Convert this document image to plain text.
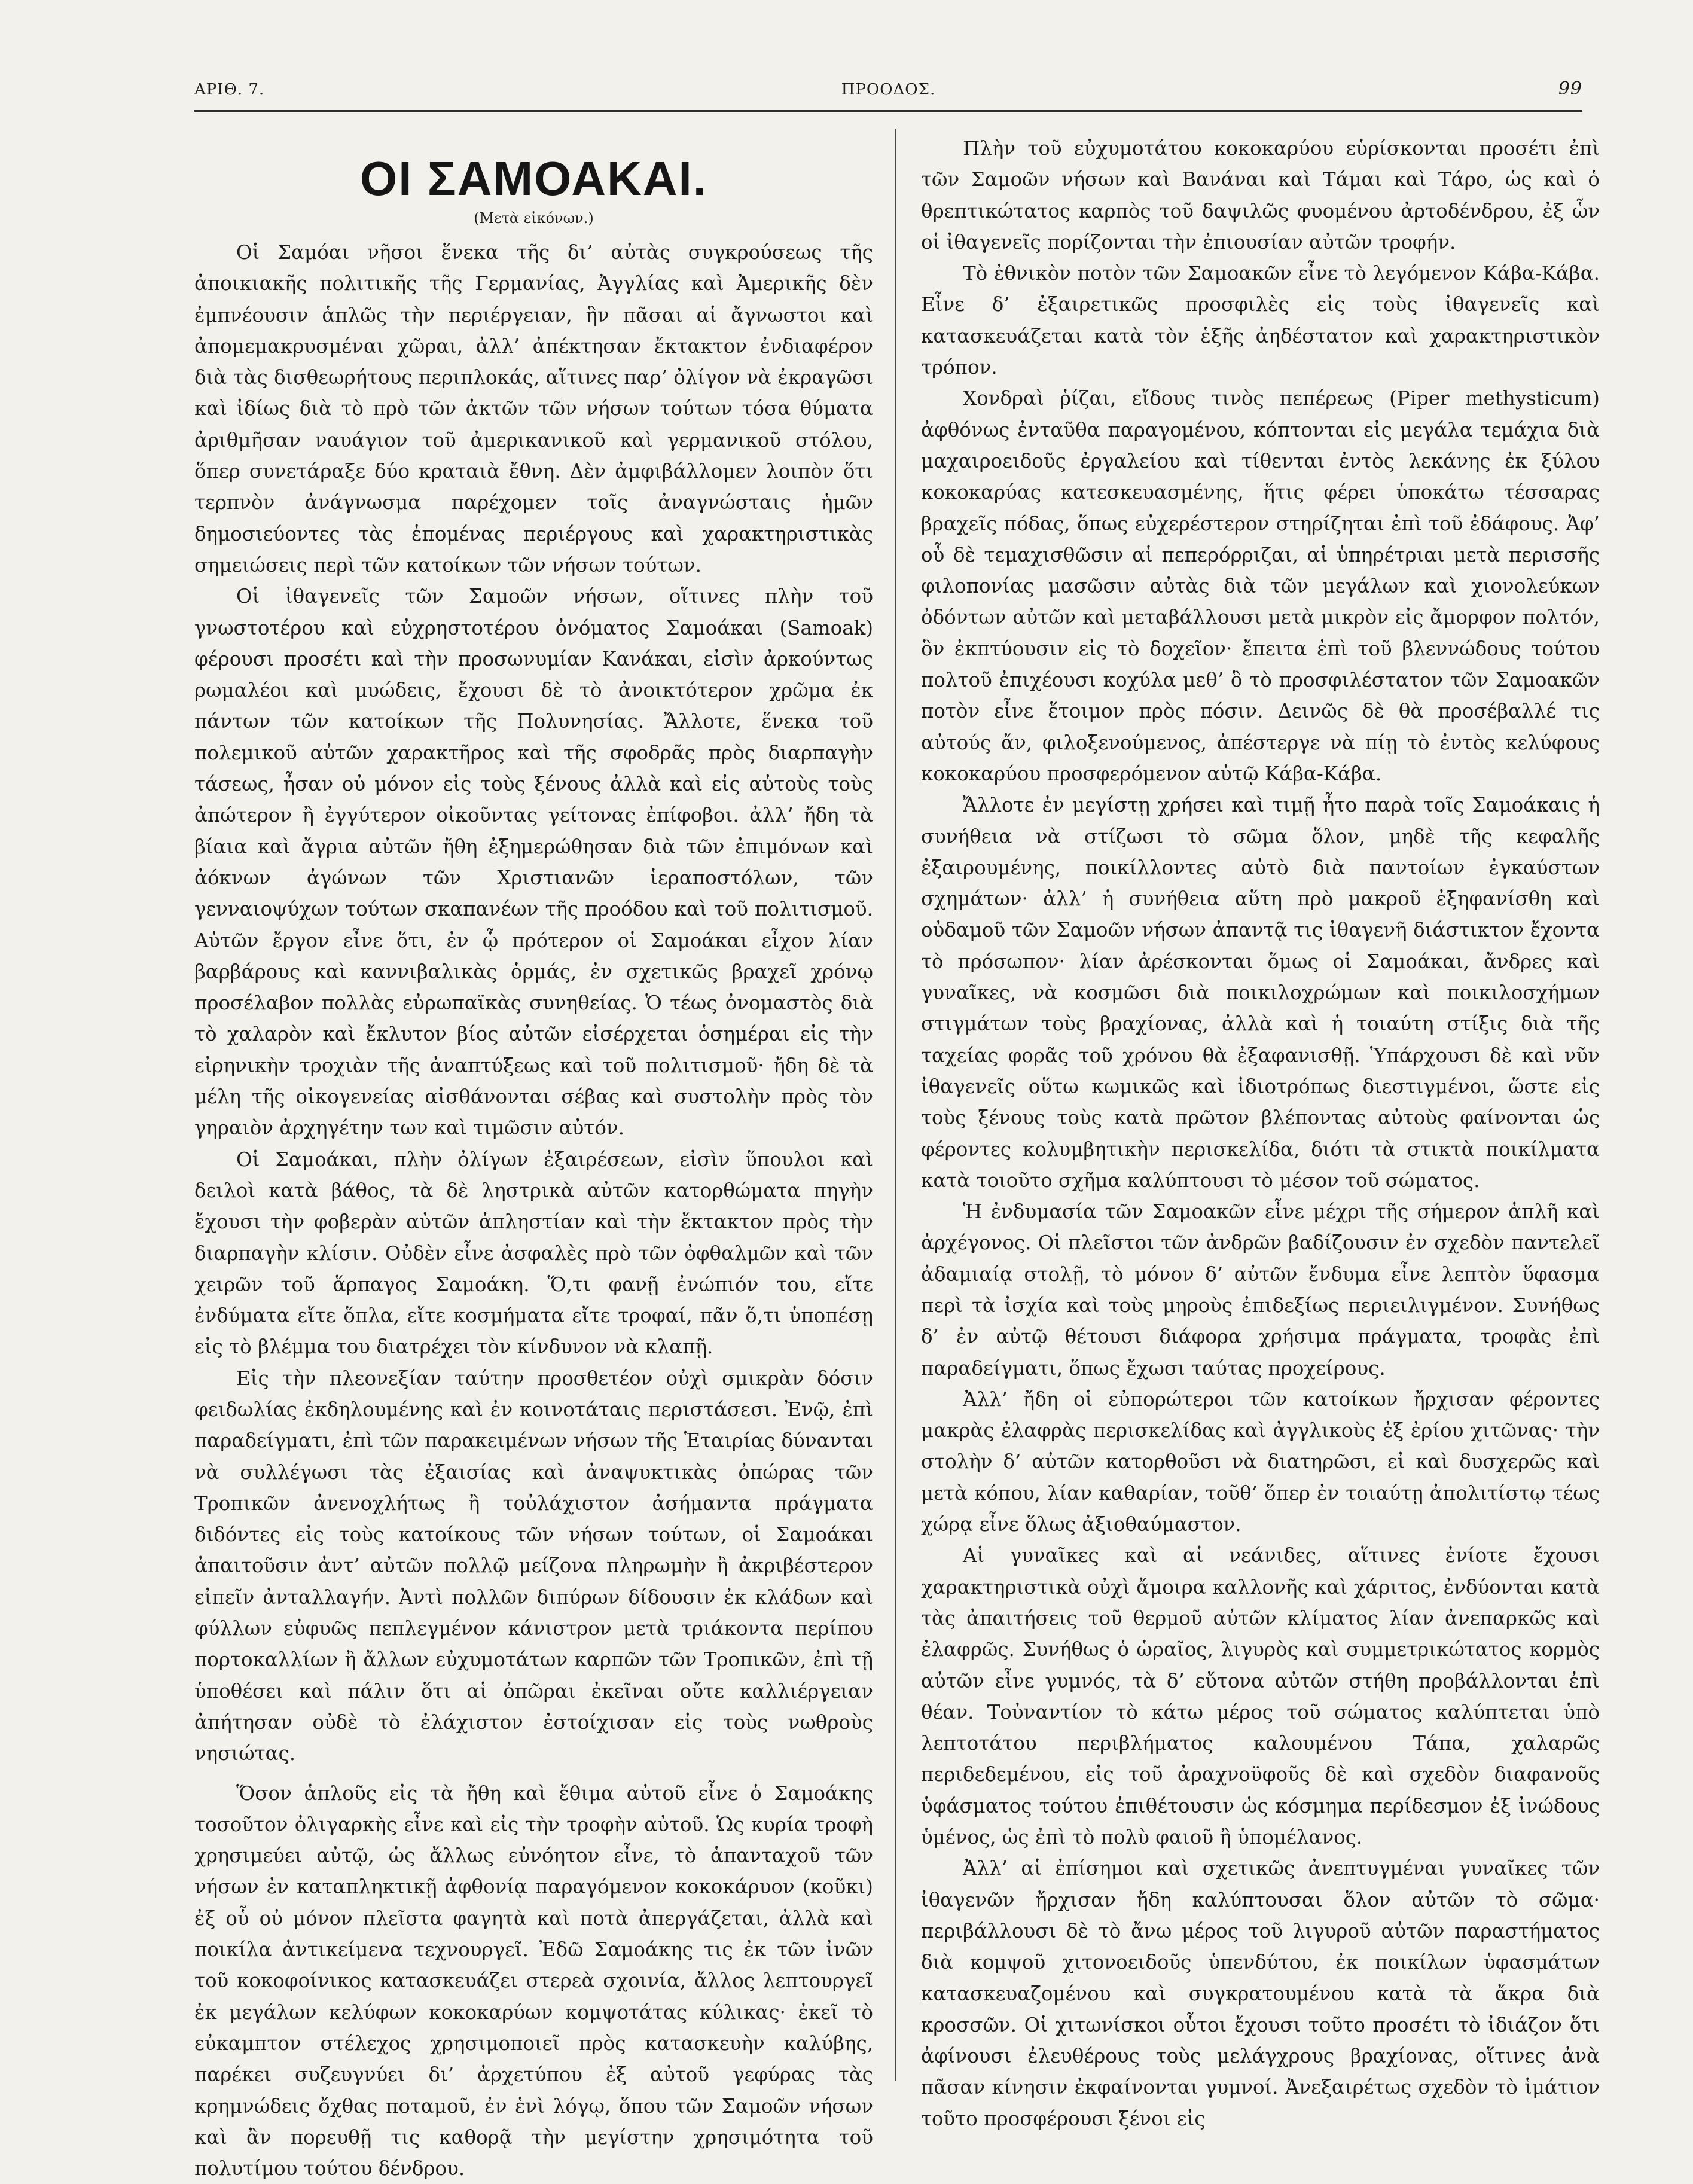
ΑΡΙΘ. 7.	ΠΡΟΟΔΟΣ.	99
ΟΙ ΣΑΜΟΑΚΑΙ.
(Μετὰ εἰκόνων.)

Οἱ Σαμόαι νῆσοι ἕνεκα τῆς δι’ αὐτὰς συγκρούσεως τῆς ἀποικιακῆς πολιτικῆς τῆς Γερμανίας, Ἀγγλίας καὶ Ἀμερικῆς δὲν ἐμπνέουσιν ἁπλῶς τὴν περιέργειαν, ἣν πᾶσαι αἱ ἄγνωστοι καὶ ἀπομεμακρυσμέναι χῶραι, ἀλλ’ ἀπέκτησαν ἔκτακτον ἐνδιαφέρον διὰ τὰς δισθεωρήτους περιπλοκάς, αἵτινες παρ’ ὀλίγον νὰ ἐκραγῶσι καὶ ἰδίως διὰ τὸ πρὸ τῶν ἀκτῶν τῶν νήσων τούτων τόσα θύματα ἀριθμῆσαν ναυάγιον τοῦ ἀμερικανικοῦ καὶ γερμανικοῦ στόλου, ὅπερ συνετάραξε δύο κραταιὰ ἔθνη. Δὲν ἀμφιβάλλομεν λοιπὸν ὅτι τερπνὸν ἀνάγνωσμα παρέχομεν τοῖς ἀναγνώσταις ἡμῶν δημοσιεύοντες τὰς ἑπομένας περιέργους καὶ χαρακτηριστικὰς σημειώσεις περὶ τῶν κατοίκων τῶν νήσων τούτων.

Οἱ ἰθαγενεῖς τῶν Σαμοῶν νήσων, οἵτινες πλὴν τοῦ γνωστοτέρου καὶ εὐχρηστοτέρου ὀνόματος Σαμοάκαι (Samoak) φέρουσι προσέτι καὶ τὴν προσωνυμίαν Κανάκαι, εἰσὶν ἀρκούντως ρωμαλέοι καὶ μυώδεις, ἔχουσι δὲ τὸ ἀνοικτότερον χρῶμα ἐκ πάντων τῶν κατοίκων τῆς Πολυνησίας. Ἄλλοτε, ἕνεκα τοῦ πολεμικοῦ αὐτῶν χαρακτῆρος καὶ τῆς σφοδρᾶς πρὸς διαρπαγὴν τάσεως, ἦσαν οὐ μόνον εἰς τοὺς ξένους ἀλλὰ καὶ εἰς αὐτοὺς τοὺς ἀπώτερον ἢ ἐγγύτερον οἰκοῦντας γείτονας ἐπίφοβοι. ἀλλ’ ἤδη τὰ βίαια καὶ ἄγρια αὐτῶν ἤθη ἐξημερώθησαν διὰ τῶν ἐπιμόνων καὶ ἀόκνων ἀγώνων τῶν Χριστιανῶν ἱεραποστόλων, τῶν γενναιοψύχων τούτων σκαπανέων τῆς προόδου καὶ τοῦ πολιτισμοῦ. Αὐτῶν ἔργον εἶνε ὅτι, ἐν ᾧ πρότερον οἱ Σαμοάκαι εἶχον λίαν βαρβάρους καὶ καννιβαλικὰς ὁρμάς, ἐν σχετικῶς βραχεῖ χρόνῳ προσέλαβον πολλὰς εὐρωπαϊκὰς συνηθείας. Ὁ τέως ὀνομαστὸς διὰ τὸ χαλαρὸν καὶ ἔκλυτον βίος αὐτῶν εἰσέρχεται ὁσημέραι εἰς τὴν εἰρηνικὴν τροχιὰν τῆς ἀναπτύξεως καὶ τοῦ πολιτισμοῦ· ἤδη δὲ τὰ μέλη τῆς οἰκογενείας αἰσθάνονται σέβας καὶ συστολὴν πρὸς τὸν γηραιὸν ἀρχηγέτην των καὶ τιμῶσιν αὐτόν.

Οἱ Σαμοάκαι, πλὴν ὀλίγων ἐξαιρέσεων, εἰσὶν ὕπουλοι καὶ δειλοὶ κατὰ βάθος, τὰ δὲ ληστρικὰ αὐτῶν κατορθώματα πηγὴν ἔχουσι τὴν φοβερὰν αὐτῶν ἀπληστίαν καὶ τὴν ἔκτακτον πρὸς τὴν διαρπαγὴν κλίσιν. Οὐδὲν εἶνε ἀσφαλὲς πρὸ τῶν ὀφθαλμῶν καὶ τῶν χειρῶν τοῦ ἅρπαγος Σαμοάκη. Ὅ,τι φανῇ ἐνώπιόν του, εἴτε ἐνδύματα εἴτε ὅπλα, εἴτε κοσμήματα εἴτε τροφαί, πᾶν ὅ,τι ὑποπέσῃ εἰς τὸ βλέμμα του διατρέχει τὸν κίνδυνον νὰ κλαπῇ.

Εἰς τὴν πλεονεξίαν ταύτην προσθετέον οὐχὶ σμικρὰν δόσιν φειδωλίας ἐκδηλουμένης καὶ ἐν κοινοτάταις περιστάσεσι. Ἐνῷ, ἐπὶ παραδείγματι, ἐπὶ τῶν παρακειμένων νήσων τῆς Ἑταιρίας δύνανται νὰ συλλέγωσι τὰς ἐξαισίας καὶ ἀναψυκτικὰς ὀπώρας τῶν Τροπικῶν ἀνενοχλήτως ἢ τοὐλάχιστον ἀσήμαντα πράγματα διδόντες εἰς τοὺς κατοίκους τῶν νήσων τούτων, οἱ Σαμοάκαι ἀπαιτοῦσιν ἀντ’ αὐτῶν πολλῷ μείζονα πληρωμὴν ἢ ἀκριβέστερον εἰπεῖν ἀνταλλαγήν. Ἀντὶ πολλῶν διπύρων δίδουσιν ἐκ κλάδων καὶ φύλλων εὐφυῶς πεπλεγμένον κάνιστρον μετὰ τριάκοντα περίπου πορτοκαλλίων ἢ ἄλλων εὐχυμοτάτων καρπῶν τῶν Τροπικῶν, ἐπὶ τῇ ὑποθέσει καὶ πάλιν ὅτι αἱ ὀπῶραι ἐκεῖναι οὔτε καλλιέργειαν ἀπήτησαν οὐδὲ τὸ ἐλάχιστον ἐστοίχισαν εἰς τοὺς νωθροὺς νησιώτας.

Ὅσον ἁπλοῦς εἰς τὰ ἤθη καὶ ἔθιμα αὐτοῦ εἶνε ὁ Σαμοάκης τοσοῦτον ὀλιγαρκὴς εἶνε καὶ εἰς τὴν τροφὴν αὐτοῦ. Ὡς κυρία τροφὴ χρησιμεύει αὐτῷ, ὡς ἄλλως εὐνόητον εἶνε, τὸ ἁπανταχοῦ τῶν νήσων ἐν καταπληκτικῇ ἀφθονίᾳ παραγόμενον κοκοκάρυον (κοῦκι) ἐξ οὗ οὐ μόνον πλεῖστα φαγητὰ καὶ ποτὰ ἀπεργάζεται, ἀλλὰ καὶ ποικίλα ἀντικείμενα τεχνουργεῖ. Ἐδῶ Σαμοάκης τις ἐκ τῶν ἰνῶν τοῦ κοκοφοίνικος κατασκευάζει στερεὰ σχοινία, ἄλλος λεπτουργεῖ ἐκ μεγάλων κελύφων κοκοκαρύων κομψοτάτας κύλικας· ἐκεῖ τὸ εὐκαμπτον στέλεχος χρησιμοποιεῖ πρὸς κατασκευὴν καλύβης, παρέκει συζευγνύει δι’ ἀρχετύπου ἐξ αὐτοῦ γεφύρας τὰς κρημνώδεις ὄχθας ποταμοῦ, ἐν ἑνὶ λόγῳ, ὅπου τῶν Σαμοῶν νήσων καὶ ἂν πορευθῇ τις καθορᾷ τὴν μεγίστην χρησιμότητα τοῦ πολυτίμου τούτου δένδρου.

Πλὴν τοῦ εὐχυμοτάτου κοκοκαρύου εὑρίσκονται προσέτι ἐπὶ τῶν Σαμοῶν νήσων καὶ Βανάναι καὶ Τάμαι καὶ Τάρο, ὡς καὶ ὁ θρεπτικώτατος καρπὸς τοῦ δαψιλῶς φυομένου ἀρτοδένδρου, ἐξ ὧν οἱ ἰθαγενεῖς πορίζονται τὴν ἐπιουσίαν αὐτῶν τροφήν.

Τὸ ἐθνικὸν ποτὸν τῶν Σαμοακῶν εἶνε τὸ λεγόμενον Κάβα-Κάβα. Εἶνε δ’ ἐξαιρετικῶς προσφιλὲς εἰς τοὺς ἰθαγενεῖς καὶ κατασκευάζεται κατὰ τὸν ἑξῆς ἀηδέστατον καὶ χαρακτηριστικὸν τρόπον.

Χονδραὶ ῥίζαι, εἴδους τινὸς πεπέρεως (Piper methysticum) ἀφθόνως ἐνταῦθα παραγομένου, κόπτονται εἰς μεγάλα τεμάχια διὰ μαχαιροειδοῦς ἐργαλείου καὶ τίθενται ἐντὸς λεκάνης ἐκ ξύλου κοκοκαρύας κατεσκευασμένης, ἥτις φέρει ὑποκάτω τέσσαρας βραχεῖς πόδας, ὅπως εὐχερέστερον στηρίζηται ἐπὶ τοῦ ἐδάφους. Ἀφ’ οὗ δὲ τεμαχισθῶσιν αἱ πεπερόρριζαι, αἱ ὑπηρέτριαι μετὰ περισσῆς φιλοπονίας μασῶσιν αὐτὰς διὰ τῶν μεγάλων καὶ χιονολεύκων ὀδόντων αὐτῶν καὶ μεταβάλλουσι μετὰ μικρὸν εἰς ἄμορφον πολτόν, ὃν ἐκπτύουσιν εἰς τὸ δοχεῖον· ἔπειτα ἐπὶ τοῦ βλεννώδους τούτου πολτοῦ ἐπιχέουσι κοχύλα μεθ’ ὃ τὸ προσφιλέστατον τῶν Σαμοακῶν ποτὸν εἶνε ἕτοιμον πρὸς πόσιν. Δεινῶς δὲ θὰ προσέβαλλέ τις αὐτούς ἄν, φιλοξενούμενος, ἀπέστεργε νὰ πίῃ τὸ ἐντὸς κελύφους κοκοκαρύου προσφερόμενον αὐτῷ Κάβα-Κάβα.

Ἄλλοτε ἐν μεγίστῃ χρήσει καὶ τιμῇ ἦτο παρὰ τοῖς Σαμοάκαις ἡ συνήθεια νὰ στίζωσι τὸ σῶμα ὅλον, μηδὲ τῆς κεφαλῆς ἐξαιρουμένης, ποικίλλοντες αὐτὸ διὰ παντοίων ἐγκαύστων σχημάτων· ἀλλ’ ἡ συνήθεια αὕτη πρὸ μακροῦ ἐξηφανίσθη καὶ οὐδαμοῦ τῶν Σαμοῶν νήσων ἀπαντᾷ τις ἰθαγενῆ διάστικτον ἔχοντα τὸ πρόσωπον· λίαν ἀρέσκονται ὅμως οἱ Σαμοάκαι, ἄνδρες καὶ γυναῖκες, νὰ κοσμῶσι διὰ ποικιλοχρώμων καὶ ποικιλοσχήμων στιγμάτων τοὺς βραχίονας, ἀλλὰ καὶ ἡ τοιαύτη στίξις διὰ τῆς ταχείας φορᾶς τοῦ χρόνου θὰ ἐξαφανισθῇ. Ὑπάρχουσι δὲ καὶ νῦν ἰθαγενεῖς οὕτω κωμικῶς καὶ ἰδιοτρόπως διεστιγμένοι, ὥστε εἰς τοὺς ξένους τοὺς κατὰ πρῶτον βλέποντας αὐτοὺς φαίνονται ὡς φέροντες κολυμβητικὴν περισκελίδα, διότι τὰ στικτὰ ποικίλματα κατὰ τοιοῦτο σχῆμα καλύπτουσι τὸ μέσον τοῦ σώματος.

Ἡ ἐνδυμασία τῶν Σαμοακῶν εἶνε μέχρι τῆς σήμερον ἁπλῆ καὶ ἀρχέγονος. Οἱ πλεῖστοι τῶν ἀνδρῶν βαδίζουσιν ἐν σχεδὸν παντελεῖ ἀδαμιαίᾳ στολῇ, τὸ μόνον δ’ αὐτῶν ἔνδυμα εἶνε λεπτὸν ὕφασμα περὶ τὰ ἰσχία καὶ τοὺς μηροὺς ἐπιδεξίως περιειλιγμένον. Συνήθως δ’ ἐν αὐτῷ θέτουσι διάφορα χρήσιμα πράγματα, τροφὰς ἐπὶ παραδείγματι, ὅπως ἔχωσι ταύτας προχείρους.

Ἀλλ’ ἤδη οἱ εὐπορώτεροι τῶν κατοίκων ἤρχισαν φέροντες μακρὰς ἐλαφρὰς περισκελίδας καὶ ἀγγλικοὺς ἐξ ἐρίου χιτῶνας· τὴν στολὴν δ’ αὐτῶν κατορθοῦσι νὰ διατηρῶσι, εἰ καὶ δυσχερῶς καὶ μετὰ κόπου, λίαν καθαρίαν, τοῦθ’ ὅπερ ἐν τοιαύτῃ ἀπολιτίστῳ τέως χώρᾳ εἶνε ὅλως ἀξιοθαύμαστον.

Αἱ γυναῖκες καὶ αἱ νεάνιδες, αἵτινες ἐνίοτε ἔχουσι χαρακτηριστικὰ οὐχὶ ἄμοιρα καλλονῆς καὶ χάριτος, ἐνδύονται κατὰ τὰς ἀπαιτήσεις τοῦ θερμοῦ αὐτῶν κλίματος λίαν ἀνεπαρκῶς καὶ ἐλαφρῶς. Συνήθως ὁ ὡραῖος, λιγυρὸς καὶ συμμετρικώτατος κορμὸς αὐτῶν εἶνε γυμνός, τὰ δ’ εὔτονα αὐτῶν στήθη προβάλλονται ἐπὶ θέαν. Τοὐναντίον τὸ κάτω μέρος τοῦ σώματος καλύπτεται ὑπὸ λεπτοτάτου περιβλήματος καλουμένου Τάπα, χαλαρῶς περιδεδεμένου, εἰς τοῦ ἀραχνοϋφοῦς δὲ καὶ σχεδὸν διαφανοῦς ὑφάσματος τούτου ἐπιθέτουσιν ὡς κόσμημα περίδεσμον ἐξ ἰνώδους ὑμένος, ὡς ἐπὶ τὸ πολὺ φαιοῦ ἢ ὑπομέλανος.

Ἀλλ’ αἱ ἐπίσημοι καὶ σχετικῶς ἀνεπτυγμέναι γυναῖκες τῶν ἰθαγενῶν ἤρχισαν ἤδη καλύπτουσαι ὅλον αὐτῶν τὸ σῶμα· περιβάλλουσι δὲ τὸ ἄνω μέρος τοῦ λιγυροῦ αὐτῶν παραστήματος διὰ κομψοῦ χιτονοειδοῦς ὑπενδύτου, ἐκ ποικίλων ὑφασμάτων κατασκευαζομένου καὶ συγκρατουμένου κατὰ τὰ ἄκρα διὰ κροσσῶν. Οἱ χιτωνίσκοι οὗτοι ἔχουσι τοῦτο προσέτι τὸ ἰδιάζον ὅτι ἀφίνουσι ἐλευθέρους τοὺς μελάγχρους βραχίονας, οἵτινες ἀνὰ πᾶσαν κίνησιν ἐκφαίνονται γυμνοί. Ἀνεξαιρέτως σχεδὸν τὸ ἱμάτιον τοῦτο προσφέρουσι ξένοι εἰς
